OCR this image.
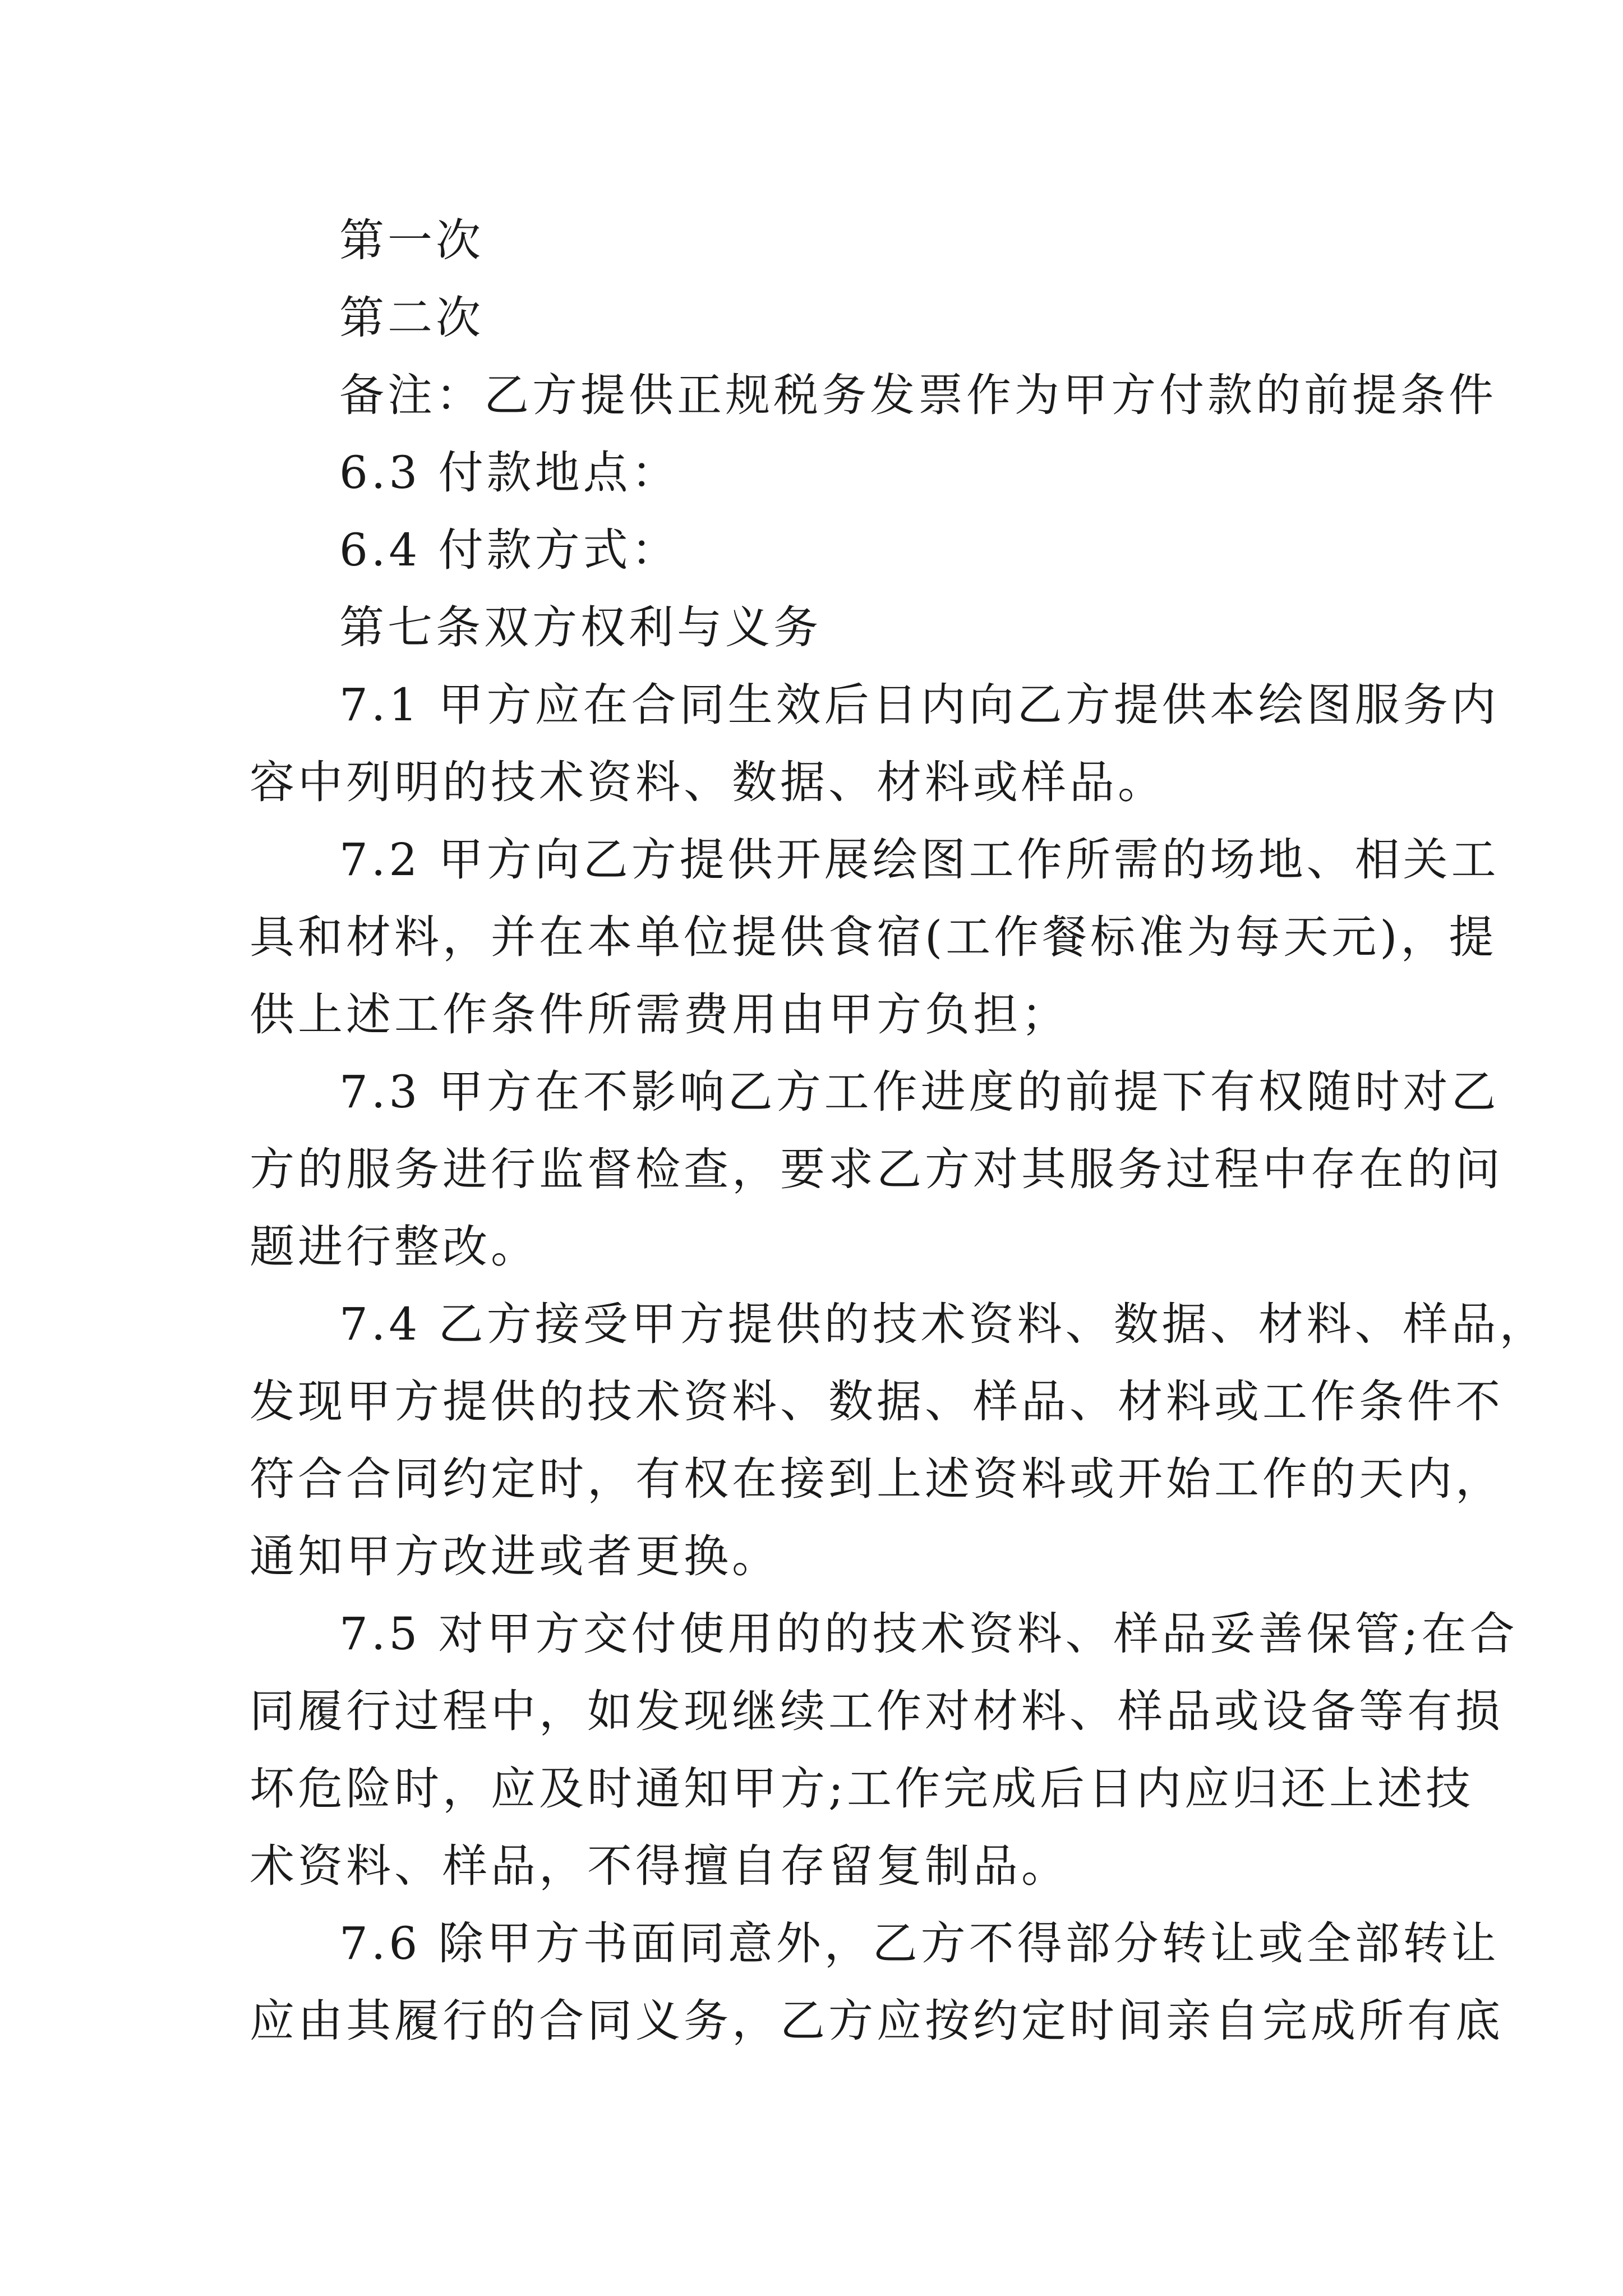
第一次
第二次
备注：乙方提供正规税务发票作为甲方付款的前提条件
6.3 付款地点：
6.4 付款方式：
第七条双方权利与义务
7.1 甲方应在合同生效后日内向乙方提供本绘图服务内
容中列明的技术资料、数据、材料或样品。
7.2 甲方向乙方提供开展绘图工作所需的场地、相关工
具和材料，并在本单位提供食宿(工作餐标准为每天元)，提
供上述工作条件所需费用由甲方负担；
7.3 甲方在不影响乙方工作进度的前提下有权随时对乙
方的服务进行监督检查，要求乙方对其服务过程中存在的问
题进行整改。
7.4 乙方接受甲方提供的技术资料、数据、材料、样品，
发现甲方提供的技术资料、数据、样品、材料或工作条件不
符合合同约定时，有权在接到上述资料或开始工作的天内，
通知甲方改进或者更换。
7.5 对甲方交付使用的的技术资料、样品妥善保管;在合
同履行过程中，如发现继续工作对材料、样品或设备等有损
坏危险时，应及时通知甲方;工作完成后日内应归还上述技
术资料、样品，不得擅自存留复制品。
7.6 除甲方书面同意外，乙方不得部分转让或全部转让
应由其履行的合同义务，乙方应按约定时间亲自完成所有底
